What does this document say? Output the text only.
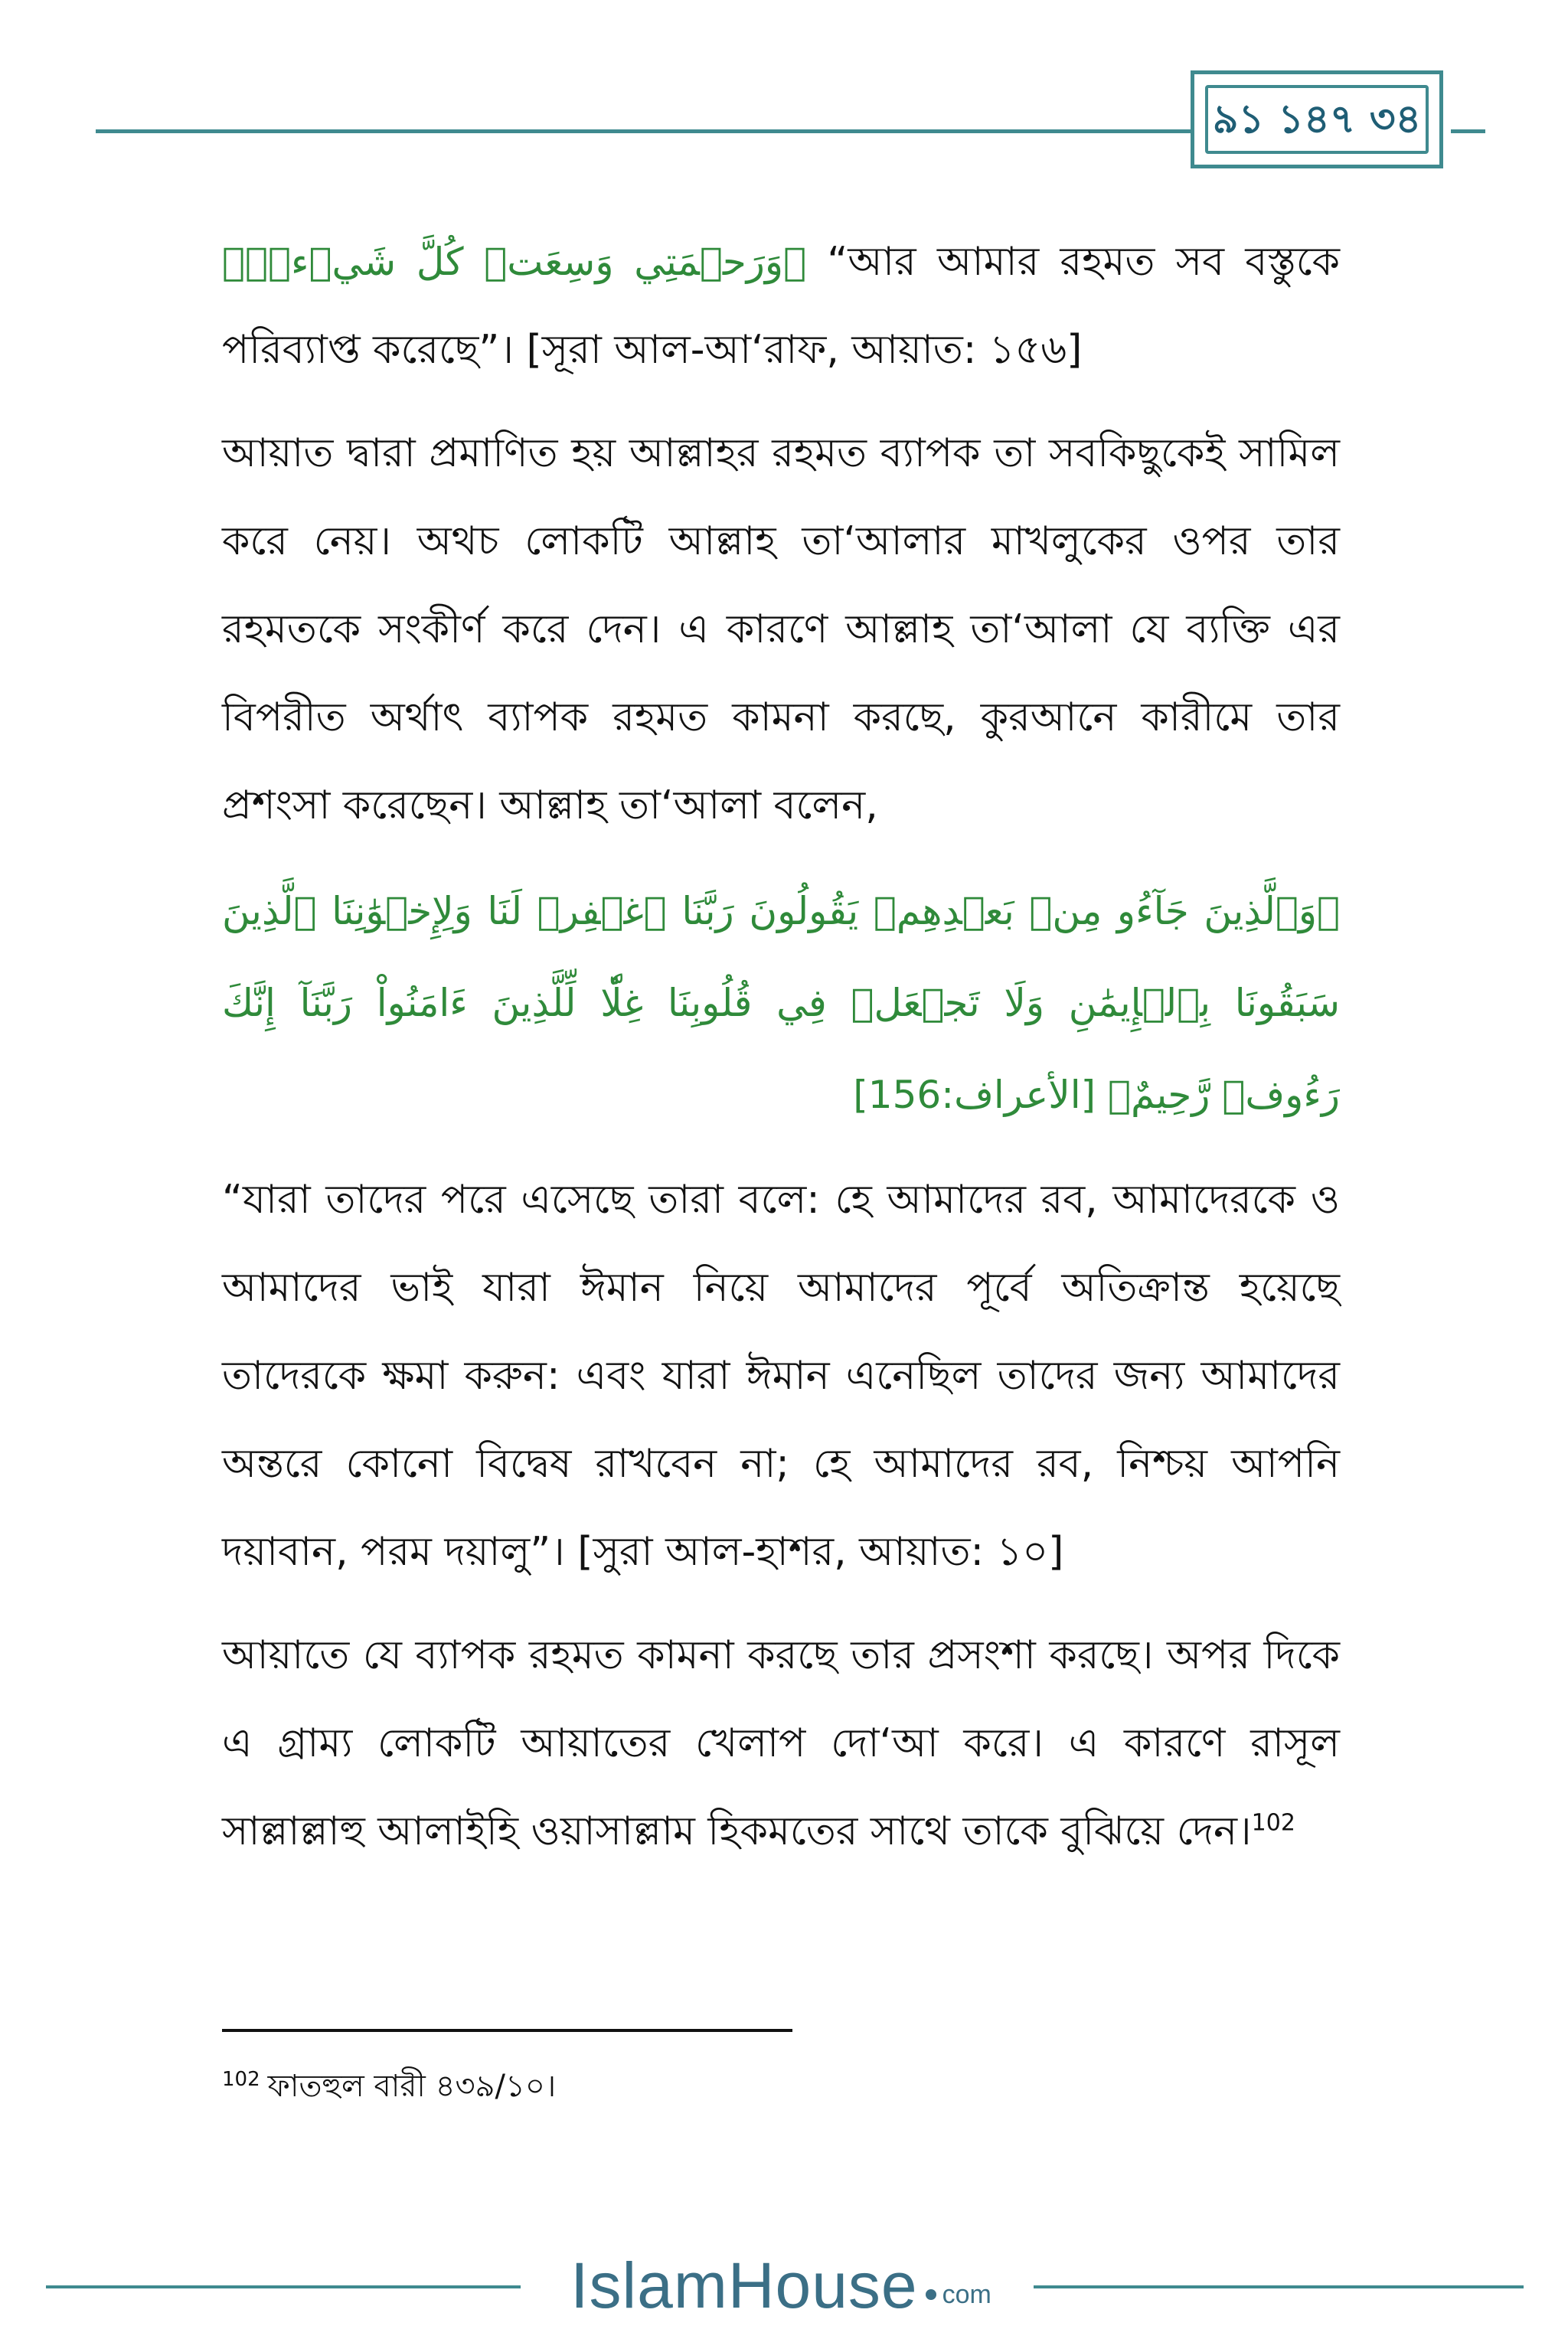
৯১ ১৪৭ ৩৪

﴿وَرَحۡمَتِي وَسِعَتۡ كُلَّ شَيۡءٖۚ﴾ “আর আমার রহমত সব বস্তুকে পরিব্যাপ্ত করেছে”। [সূরা আল-আ‘রাফ, আয়াত: ১৫৬]

আয়াত দ্বারা প্রমাণিত হয় আল্লাহর রহমত ব্যাপক তা সবকিছুকেই সামিল করে নেয়। অথচ লোকটি আল্লাহ তা‘আলার মাখলুকের ওপর তার রহমতকে সংকীর্ণ করে দেন। এ কারণে আল্লাহ তা‘আলা যে ব্যক্তি এর বিপরীত অর্থাৎ ব্যাপক রহমত কামনা করছে, কুরআনে কারীমে তার প্রশংসা করেছেন। আল্লাহ তা‘আলা বলেন,

﴿وَٱلَّذِينَ جَآءُو مِنۢ بَعۡدِهِمۡ يَقُولُونَ رَبَّنَا ٱغۡفِرۡ لَنَا وَلِإِخۡوَٰنِنَا ٱلَّذِينَ سَبَقُونَا بِٱلۡإِيمَٰنِ وَلَا تَجۡعَلۡ فِي قُلُوبِنَا غِلّٗا لِّلَّذِينَ ءَامَنُواْ رَبَّنَآ إِنَّكَ رَءُوفٞ رَّحِيمٌ﴾ [الأعراف:156]

“যারা তাদের পরে এসেছে তারা বলে: হে আমাদের রব, আমাদেরকে ও আমাদের ভাই যারা ঈমান নিয়ে আমাদের পূর্বে অতিক্রান্ত হয়েছে তাদেরকে ক্ষমা করুন: এবং যারা ঈমান এনেছিল তাদের জন্য আমাদের অন্তরে কোনো বিদ্বেষ রাখবেন না; হে আমাদের রব, নিশ্চয় আপনি দয়াবান, পরম দয়ালু”। [সুরা আল-হাশর, আয়াত: ১০]

আয়াতে যে ব্যাপক রহমত কামনা করছে তার প্রসংশা করছে। অপর দিকে এ গ্রাম্য লোকটি আয়াতের খেলাপ দো‘আ করে। এ কারণে রাসূল সাল্লাল্লাহু আলাইহি ওয়াসাল্লাম হিকমতের সাথে তাকে বুঝিয়ে দেন।$^{102}$

$^{102}$ ফাতহুল বারী ৪৩৯/১০।
IslamHouse com
